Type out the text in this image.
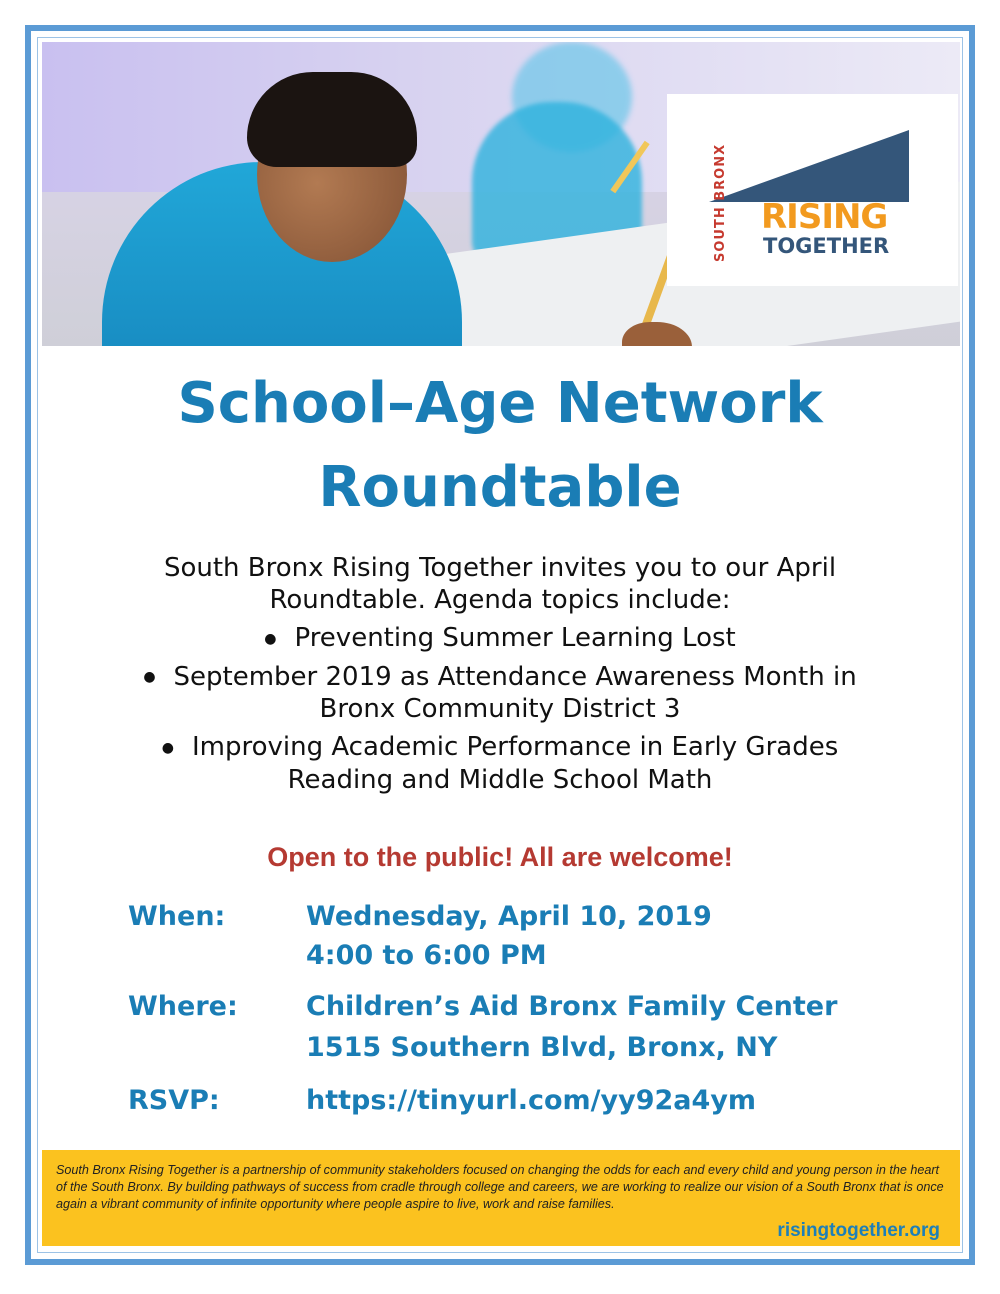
SOUTH BRONX RISING
TOGETHER
School–Age Network
Roundtable

South Bronx Rising Together invites you to our April
Roundtable. Agenda topics include:

● Preventing Summer Learning Lost
● September 2019 as Attendance Awareness Month in
Bronx Community District 3
● Improving Academic Performance in Early Grades
Reading and Middle School Math
Open to the public! All are welcome!
When:	Wednesday, April 10, 2019
4:00 to 6:00 PM
Where:	Children’s Aid Bronx Family Center
1515 Southern Blvd, Bronx, NY
RSVP:	https://tinyurl.com/yy92a4ym

South Bronx Rising Together is a partnership of community stakeholders focused on changing the odds for each and every child and young person in the heart of the South Bronx. By building pathways of success from cradle through college and careers, we are working to realize our vision of a South Bronx that is once again a vibrant community of infinite opportunity where people aspire to live, work and raise families.

risingtogether.org
